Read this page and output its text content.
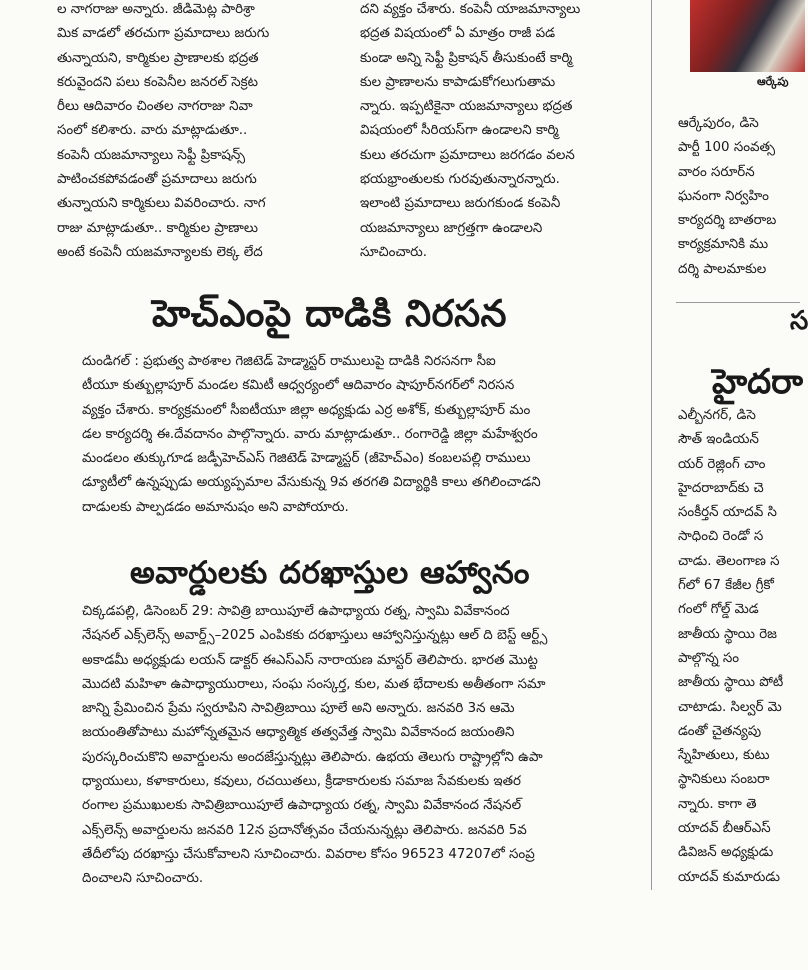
ల నాగరాజు అన్నారు. జీడిమెట్ల పారిశ్రా

మిక వాడలో తరచుగా ప్రమాదాలు జరుగు

తున్నాయని, కార్మికుల ప్రాణాలకు భద్రత

కరువైందని పలు కంపెనీల జనరల్ సెక్రట

రీలు ఆదివారం చింతల నాగరాజు నివా

సంలో కలిశారు. వారు మాట్లాడుతూ..

కంపెనీ యజమాన్యాలు సెఫ్టీ ప్రికాషన్స్

పాటించకపోవడంతో ప్రమాదాలు జరుగు

తున్నాయని కార్మికులు వివరించారు. నాగ

రాజు మాట్లాడుతూ.. కార్మికుల ప్రాణాలు

అంటే కంపెనీ యజమాన్యాలకు లెక్క లేద

దని వ్యక్తం చేశారు. కంపెనీ యాజమాన్యాలు

భద్రత విషయంలో ఏ మాత్రం రాజీ పడ

కుండా అన్ని సెఫ్టీ ప్రికాషన్ తీసుకుంటే కార్మి

కుల ప్రాణాలను కాపాడుకోగలుగుతామ

న్నారు. ఇప్పటికైనా యజమాన్యాలు భద్రత

విషయంలో సీరియస్‌గా ఉండాలని కార్మి

కులు తరచుగా ప్రమాదాలు జరగడం వలన

భయభ్రాంతులకు గురవుతున్నారన్నారు.

ఇలాంటి ప్రమాదాలు జరుగకుండ కంపెనీ

యజమాన్యాలు జాగ్రత్తగా ఉండాలని

సూచించారు.

హెచ్ఎంపై దాడికి నిరసన

దుండిగల్ : ప్రభుత్వ పాఠశాల గెజిటెడ్ హెడ్మాస్టర్ రాములుపై దాడికి నిరసనగా సీఐ

టీయూ కుత్బుల్లాపూర్ మండల కమిటీ ఆధ్వర్యంలో ఆదివారం షాపూర్‌నగర్‌లో నిరసన

వ్యక్తం చేశారు. కార్యక్రమంలో సీఐటీయూ జిల్లా అధ్యక్షుడు ఎర్ర అశోక్, కుత్బుల్లాపూర్ మం

డల కార్యదర్శి ఈ.దేవదానం పాల్గొన్నారు. వారు మాట్లాడుతూ.. రంగారెడ్డి జిల్లా మహేశ్వరం

మండలం తుక్కుగూడ జడ్పీహెచ్ఎస్ గెజిటెడ్ హెడ్మాస్టర్ (జీహెచ్ఎం) కంబలపల్లి రాములు

డ్యూటీలో ఉన్నప్పుడు అయ్యప్పమాల వేసుకున్న 9వ తరగతి విద్యార్థికి కాలు తగిలించాడని

దాడులకు పాల్పడడం అమానుషం అని వాపోయారు.

అవార్డులకు దరఖాస్తుల ఆహ్వానం

చిక్కడపల్లి, డిసెంబర్ 29: సావిత్రి బాయిపూలే ఉపాధ్యాయ రత్న, స్వామి వివేకానంద

నేషనల్ ఎక్స్‌లెన్స్ అవార్డ్స్–2025 ఎంపికకు దరఖాస్తులు ఆహ్వానిస్తున్నట్లు ఆల్ ది బెస్ట్ ఆర్ట్స్

అకాడమీ అధ్యక్షుడు లయన్ డాక్టర్ ఈఎస్ఎస్ నారాయణ మాస్టర్ తెలిపారు. భారత మొట్ట

మొదటి మహిళా ఉపాధ్యాయురాలు, సంఘ సంస్కర్త, కుల, మత భేదాలకు అతీతంగా సమా

జాన్ని ప్రేమించిన ప్రేమ స్వరూపిని సావిత్రిబాయి పూలే అని అన్నారు. జనవరి 3న ఆమె

జయంతితోపాటు మహోన్నతమైన ఆధ్యాత్మిక తత్వవేత్త స్వామి వివేకానంద జయంతిని

పురస్కరించుకొని అవార్డులను అందజేస్తున్నట్లు తెలిపారు. ఉభయ తెలుగు రాష్ట్రాల్లోని ఉపా

ధ్యాయులు, కళాకారులు, కవులు, రచయితలు, క్రీడాకారులకు సమాజ సేవకులకు ఇతర

రంగాల ప్రముఖులకు సావిత్రిబాయిపూలే ఉపాధ్యాయ రత్న, స్వామి వివేకానంద నేషనల్

ఎక్స్‌లెన్స్ అవార్డులను జనవరి 12న ప్రదానోత్సవం చేయనున్నట్లు తెలిపారు. జనవరి 5వ

తేదీలోపు దరఖాస్తు చేసుకోవాలని సూచించారు. వివరాల కోసం 96523 47207లో సంప్ర

దించాలని సూచించారు.

ఆర్కేపు

ఆర్కేపురం, డిసె

పార్టీ 100 సంవత్స

వారం సరూర్‌న

ఘనంగా నిర్వహిం

కార్యదర్శి బాతరాబ

కార్యక్రమానికి ము

దర్శి పాలమాకుల

స
హైదరా

ఎల్బీనగర్, డిసె

సౌత్ ఇండియన్

యర్ రెజ్లింగ్ చాం

హైదరాబాద్‌కు చె

సంకీర్తన్ యాదవ్ సి

సాధించి రెండో స

చాడు. తెలంగాణ స

గ్‌లో 67 కేజీల గ్రీకో

గంలో గోల్డ్ మెడ

జాతీయ స్థాయి రెజ

పాల్గొన్న సం

జాతీయ స్థాయి పోటీ

చాటాడు. సిల్వర్ మె

డంతో చైతన్యపు

స్నేహితులు, కుటు

స్థానికులు సంబరా

న్నారు. కాగా తె

యాదవ్ బీఆర్ఎస్

డివిజన్ అధ్యక్షుడు

యాదవ్ కుమారుడు
